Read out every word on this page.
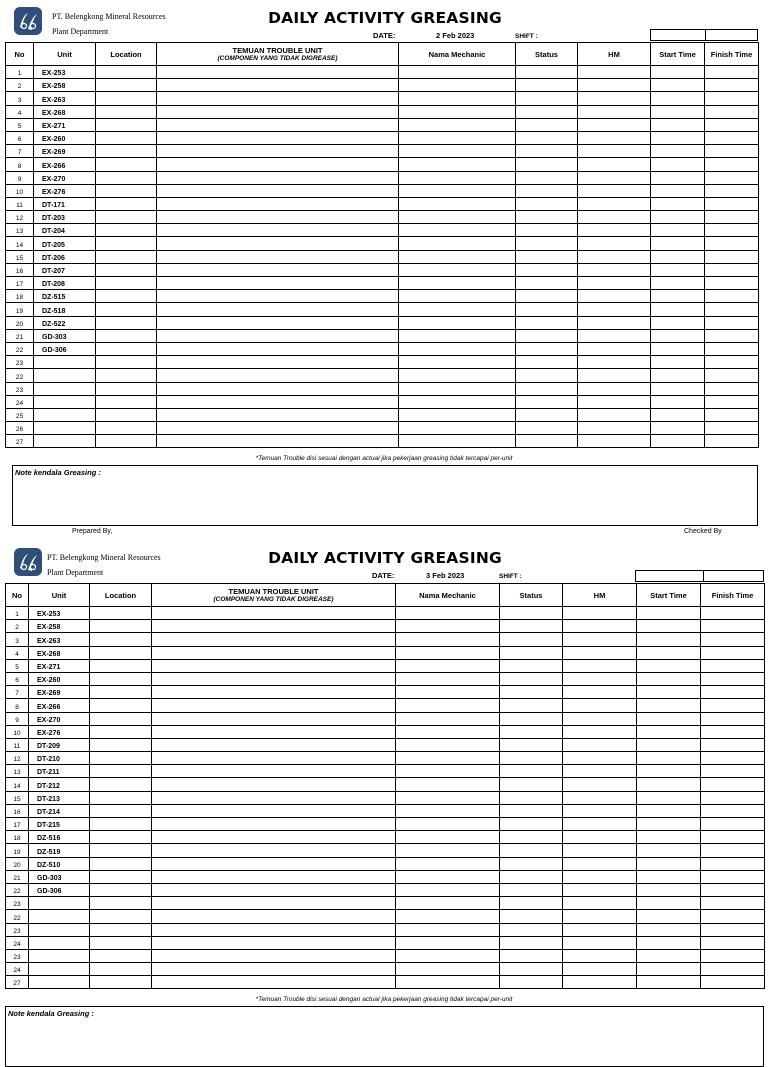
PT. Belengkong Mineral Resources
Plant Department
DAILY ACTIVITY GREASING
DATE:	2 Feb 2023	SHIFT :
No	Unit	Location	TEMUAN TROUBLE UNIT
(COMPONEN YANG TIDAK DIGREASE)	Nama Mechanic	Status	HM	Start Time	Finish Time
1	EX-253							
2	EX-258							
3	EX-263							
4	EX-268							
5	EX-271							
6	EX-260							
7	EX-269							
8	EX-266							
9	EX-270							
10	EX-276							
11	DT-171							
12	DT-203							
13	DT-204							
14	DT-205							
15	DT-206							
16	DT-207							
17	DT-208							
18	DZ-515							
19	DZ-518							
20	DZ-522							
21	GD-303							
22	GD-306							
23								
22								
23								
24								
25								
26								
27								
*Temuan Trouble disi sesuai dengan actual jika pekerjaan greasing tidak tercapai per-unit
Note kendala Greasing :
Prepared By,	Checked By
PT. Belengkong Mineral Resources
Plant Department
DAILY ACTIVITY GREASING
DATE:	3 Feb 2023	SHIFT :
No	Unit	Location	TEMUAN TROUBLE UNIT
(COMPONEN YANG TIDAK DIGREASE)	Nama Mechanic	Status	HM	Start Time	Finish Time
1	EX-253							
2	EX-258							
3	EX-263							
4	EX-268							
5	EX-271							
6	EX-260							
7	EX-269							
8	EX-266							
9	EX-270							
10	EX-276							
11	DT-209							
12	DT-210							
13	DT-211							
14	DT-212							
15	DT-213							
16	DT-214							
17	DT-215							
18	DZ-516							
19	DZ-519							
20	DZ-510							
21	GD-303							
22	GD-306							
23								
22								
23								
24								
23								
24								
27								
*Temuan Trouble disi sesuai dengan actual jika pekerjaan greasing tidak tercapai per-unit
Note kendala Greasing :
